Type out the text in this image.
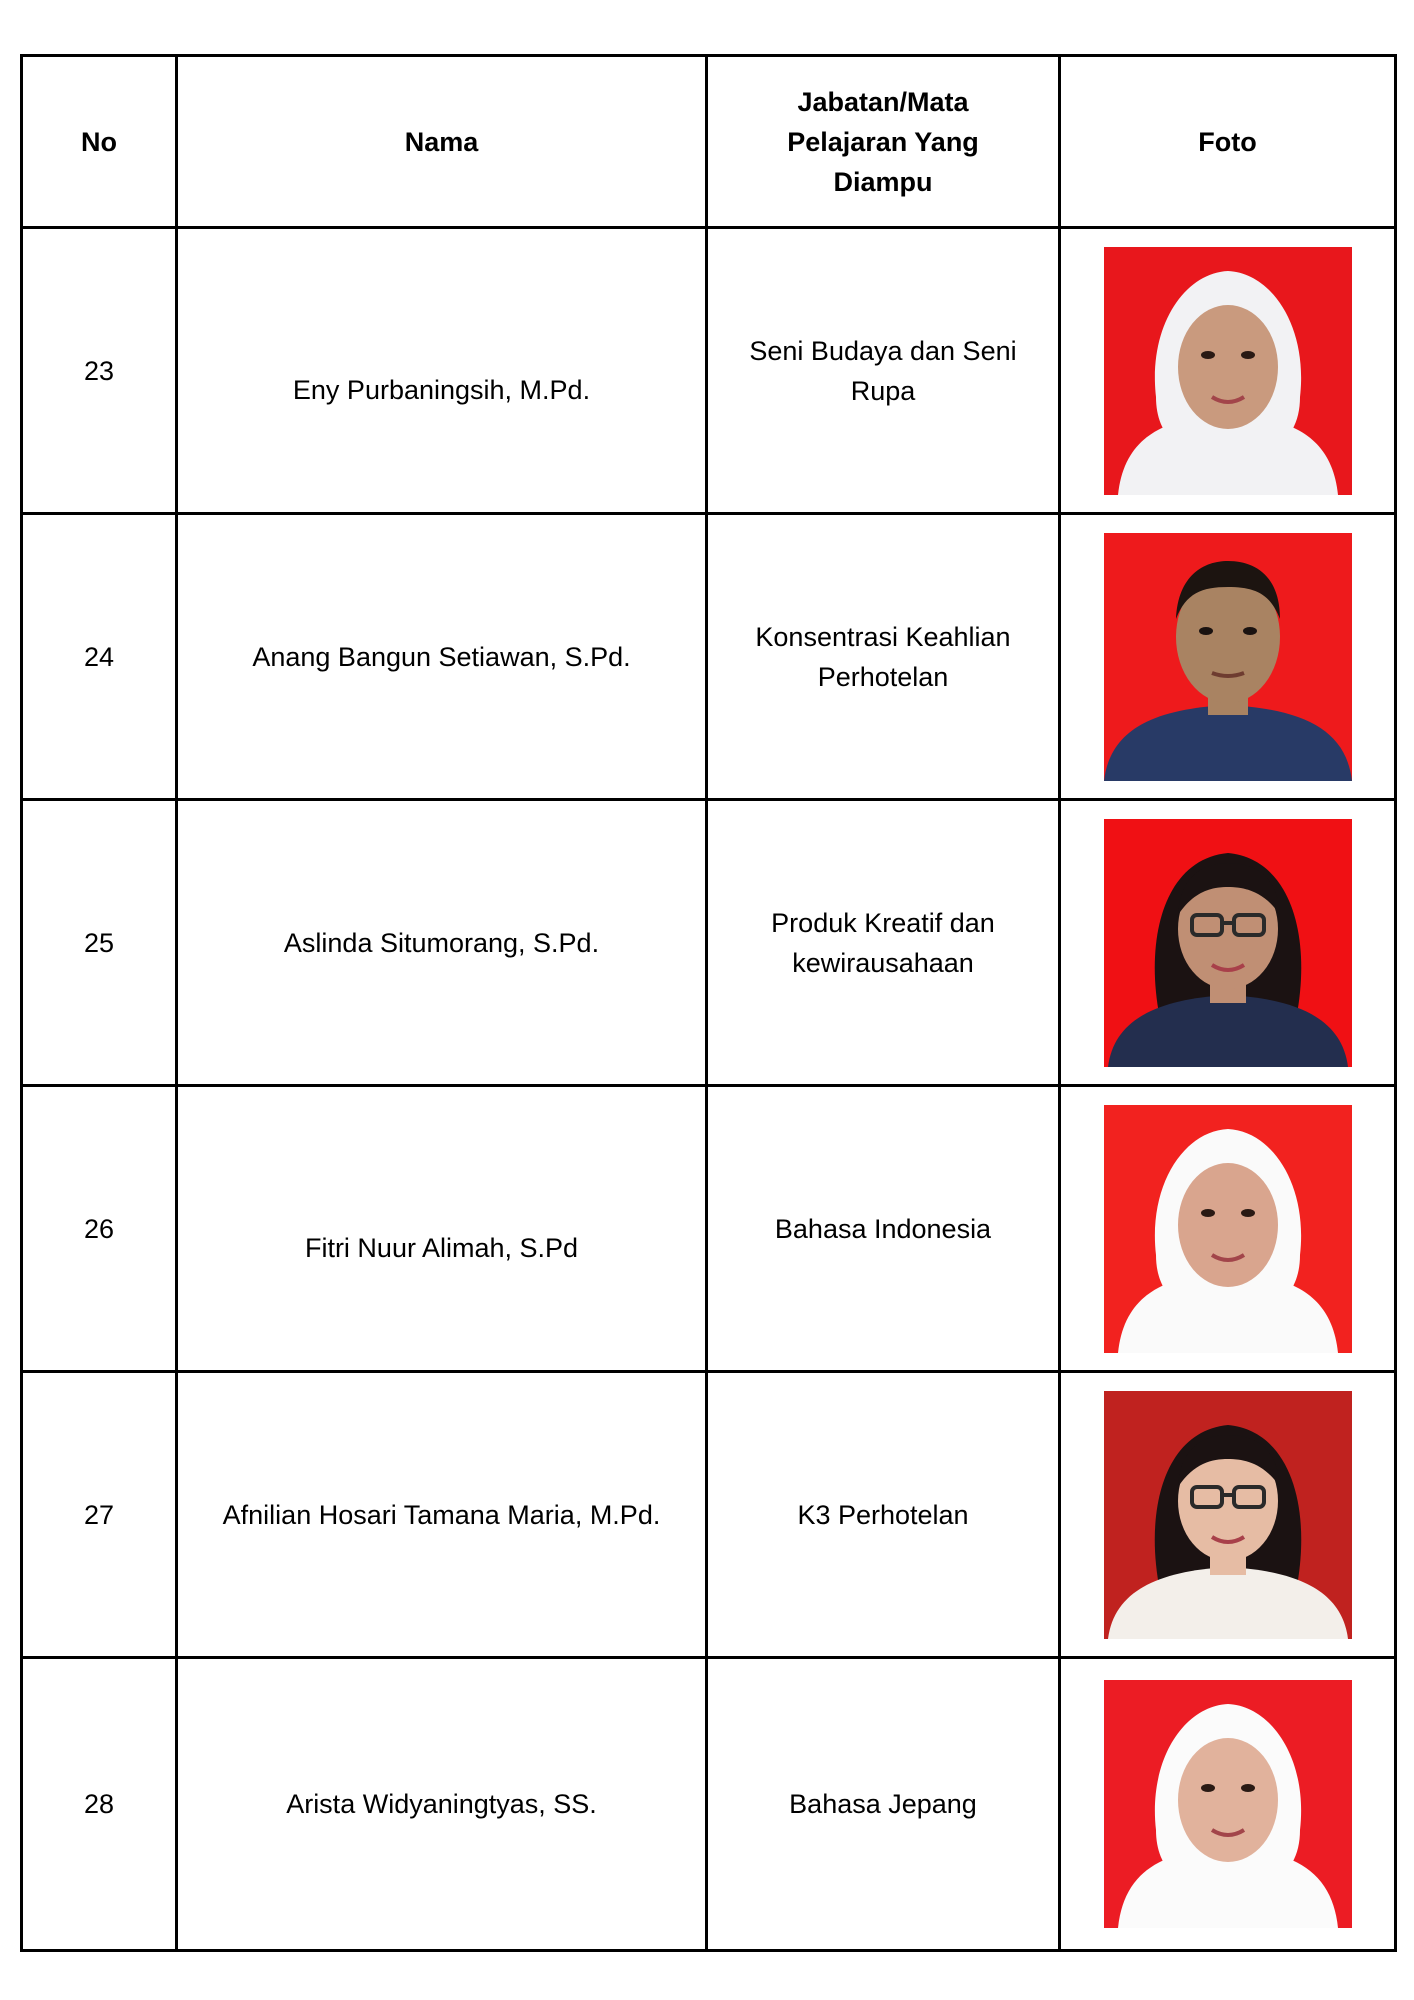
No	Nama	Jabatan/Mata Pelajaran Yang Diampu	Foto
23	Eny Purbaningsih, M.Pd.	Seni Budaya dan Seni Rupa	

24	Anang Bangun Setiawan, S.Pd.	Konsentrasi Keahlian Perhotelan	

25	Aslinda Situmorang, S.Pd.	Produk Kreatif dan kewirausahaan	

26	Fitri Nuur Alimah, S.Pd	Bahasa Indonesia	

27	Afnilian Hosari Tamana Maria, M.Pd.	K3 Perhotelan	

28	Arista Widyaningtyas, SS.	Bahasa Jepang	
